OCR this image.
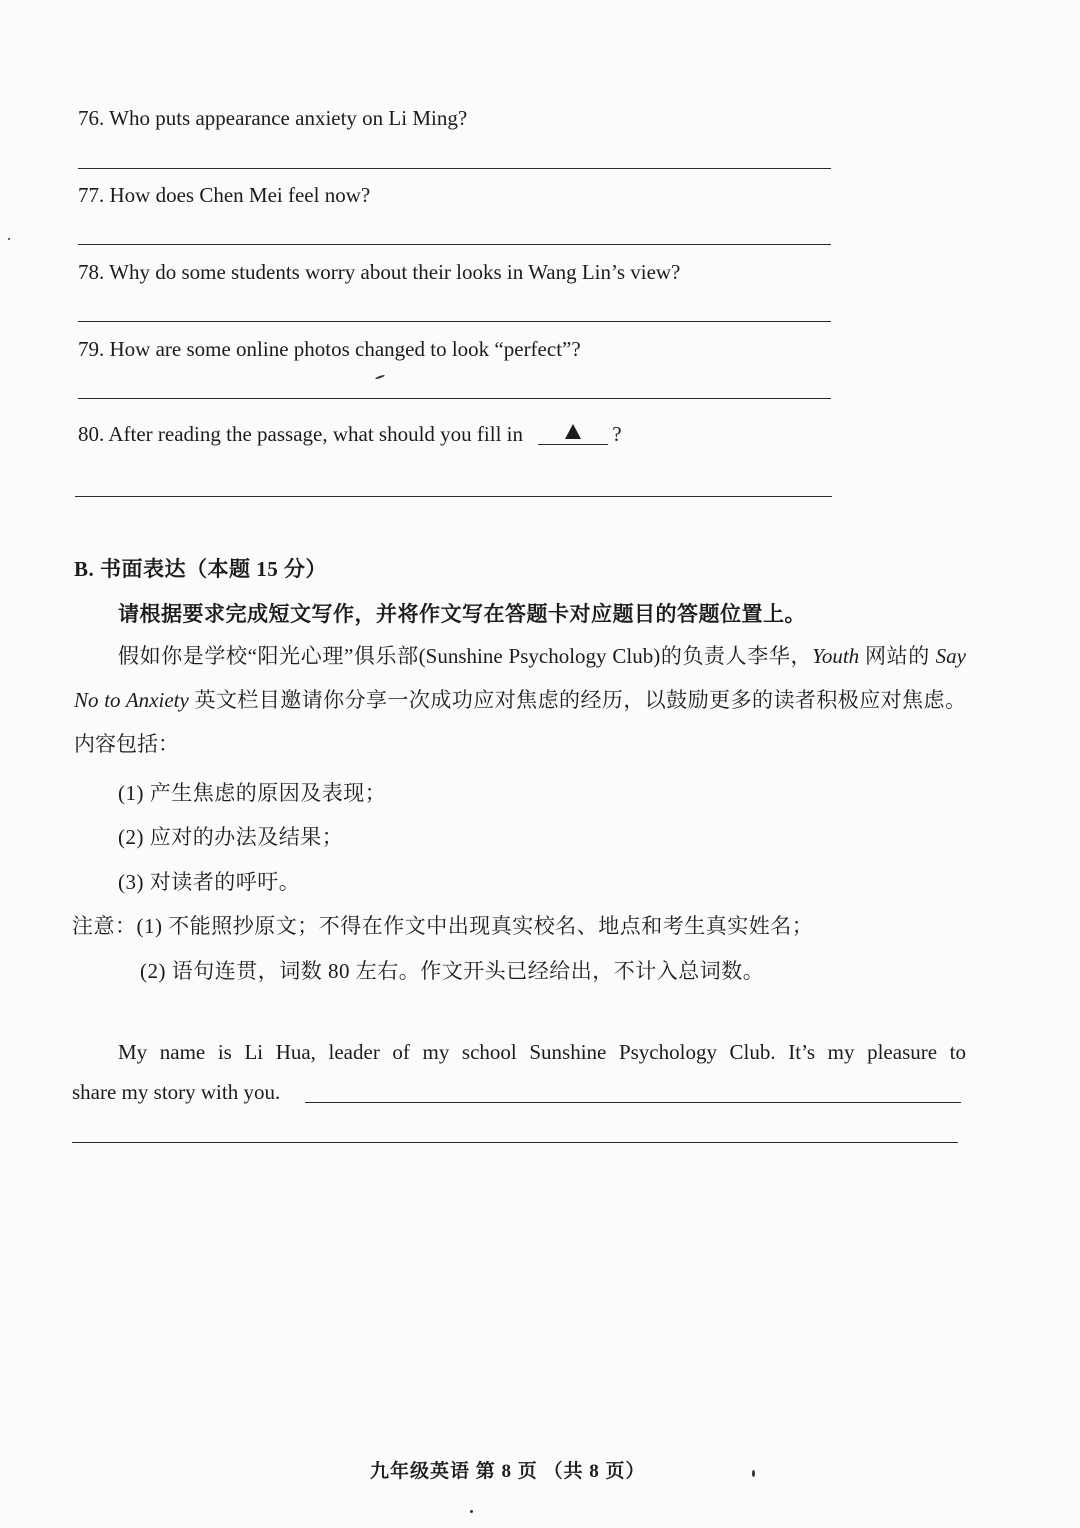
76. Who puts appearance anxiety on Li Ming?
77. How does Chen Mei feel now?
78. Why do some students worry about their looks in Wang Lin’s view?
79. How are some online photos changed to look “perfect”?
80. After reading the passage, what should you fill in	?
B. 书面表达（本题 15 分）
请根据要求完成短文写作，并将作文写在答题卡对应题目的答题位置上。
假如你是学校“阳光心理”俱乐部(Sunshine Psychology Club)的负责人李华，Youth 网站的 Say No to Anxiety 英文栏目邀请你分享一次成功应对焦虑的经历，以鼓励更多的读者积极应对焦虑。内容包括：
(1) 产生焦虑的原因及表现；
(2) 应对的办法及结果；
(3) 对读者的呼吁。
注意：(1) 不能照抄原文；不得在作文中出现真实校名、地点和考生真实姓名；
(2) 语句连贯，词数 80 左右。作文开头已经给出，不计入总词数。
My name is Li Hua, leader of my school Sunshine Psychology Club. It’s my pleasure to
share my story with you.
九年级英语 第 8 页 （共 8 页）
